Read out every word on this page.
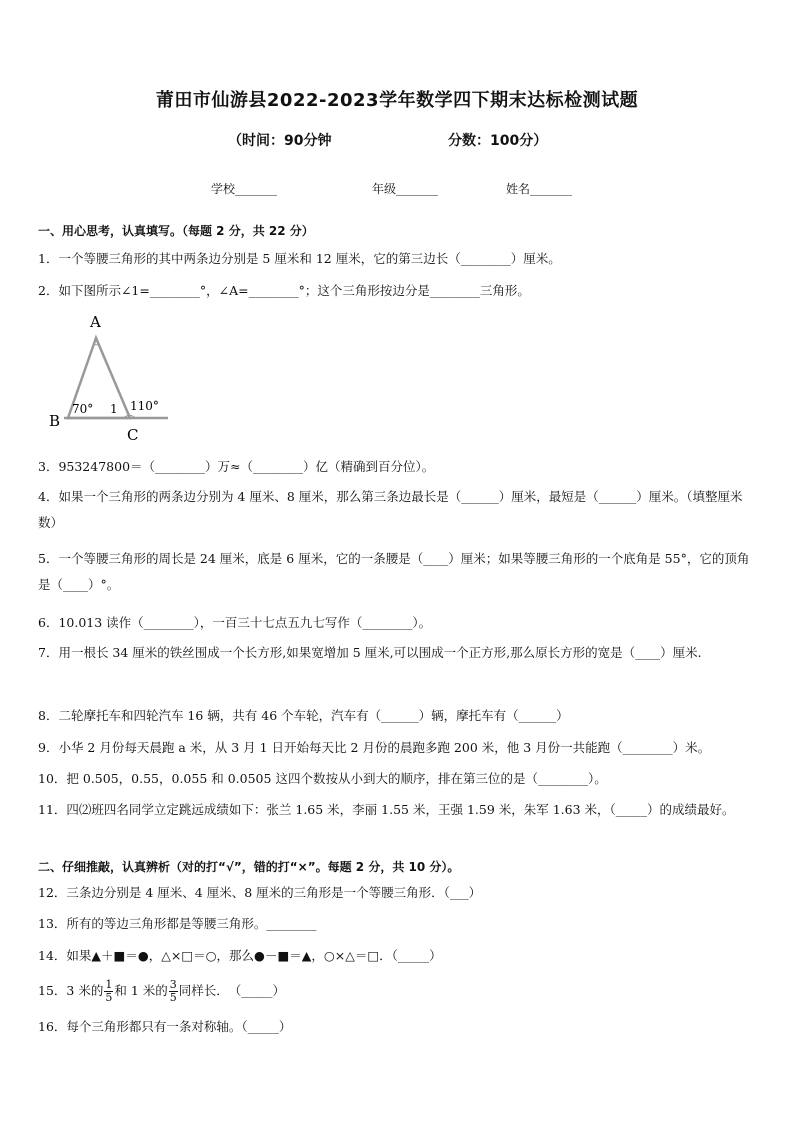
莆田市仙游县2022-2023学年数学四下期末达标检测试题
（时间：90分钟	分数：100分）
学校_______	年级_______	姓名_______
一、用心思考，认真填写。（每题 2 分，共 22 分）
1．一个等腰三角形的其中两条边分别是 5 厘米和 12 厘米，它的第三边长（________）厘米。
2．如下图所示∠1=________°，∠A=________°；这个三角形按边分是________三角形。
A
B
C
70° 1 110°
3．953247800＝（________）万≈（________）亿（精确到百分位）。
4．如果一个三角形的两条边分别为 4 厘米、8 厘米，那么第三条边最长是（______）厘米，最短是（______）厘米。（填整厘米数）
5．一个等腰三角形的周长是 24 厘米，底是 6 厘米，它的一条腰是（____）厘米；如果等腰三角形的一个底角是 55°，它的顶角是（____）°。
6．10.013 读作（________），一百三十七点五九七写作（________）。
7．用一根长 34 厘米的铁丝围成一个长方形,如果宽增加 5 厘米,可以围成一个正方形,那么原长方形的宽是（____）厘米.
8．二轮摩托车和四轮汽车 16 辆，共有 46 个车轮，汽车有（______）辆，摩托车有（______）
9．小华 2 月份每天晨跑 a 米，从 3 月 1 日开始每天比 2 月份的晨跑多跑 200 米，他 3 月份一共能跑（________）米。
10．把 0.505，0.55，0.055 和 0.0505 这四个数按从小到大的顺序，排在第三位的是（________）。
11．四⑵班四名同学立定跳远成绩如下：张兰 1.65 米，李丽 1.55 米，王强 1.59 米，朱军 1.63 米，（_____）的成绩最好。
二、仔细推敲，认真辨析（对的打“√”，错的打“×”。每题 2 分，共 10 分）。
12．三条边分别是 4 厘米、4 厘米、8 厘米的三角形是一个等腰三角形．（___）
13．所有的等边三角形都是等腰三角形。________
14．如果▲＋■＝●，△×□＝○，那么●－■＝▲，○×△＝□．（_____）
15．3 米的 $\frac{1}{5}$ 和 1 米的 $\frac{3}{5}$ 同样长．　（_____）
16．每个三角形都只有一条对称轴。（_____）
